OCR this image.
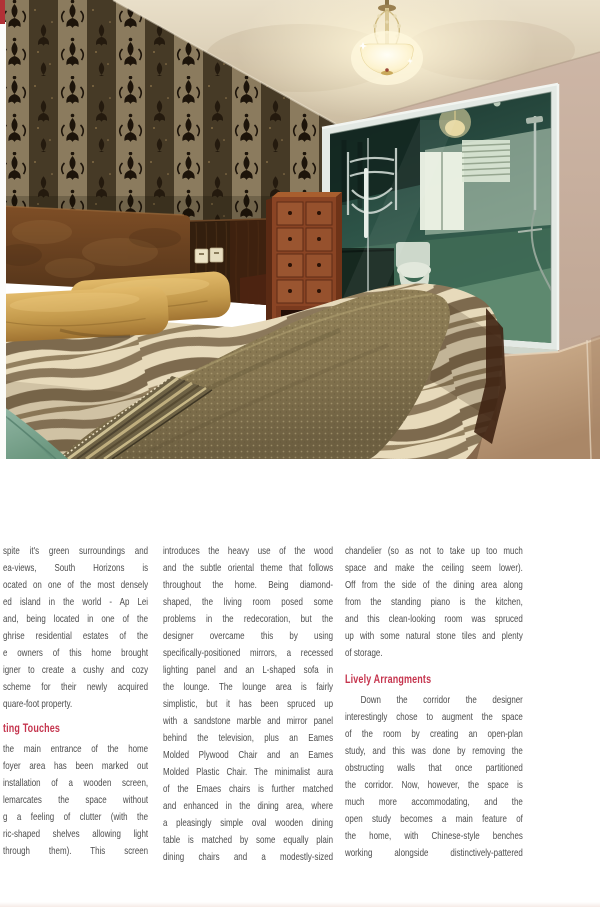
spite it's green surroundings and
ea-views, South Horizons is
ocated on one of the most densely
ed island in the world - Ap Lei
and, being located in one of the
ghrise residential estates of the
e owners of this home brought
igner to create a cushy and cozy
scheme for their newly acquired
quare-foot property.
ting Touches
the main entrance of the home
foyer area has been marked out
installation of a wooden screen,
lemarcates the space without
g a feeling of clutter (with the
ric-shaped shelves allowing light
through them). This screen
introduces the heavy use of the wood
and the subtle oriental theme that follows
throughout the home. Being diamond-
shaped, the living room posed some
problems in the redecoration, but the
designer overcame this by using
specifically-positioned mirrors, a recessed
lighting panel and an L-shaped sofa in
the lounge. The lounge area is fairly
simplistic, but it has been spruced up
with a sandstone marble and mirror panel
behind the television, plus an Eames
Molded Plywood Chair and an Eames
Molded Plastic Chair. The minimalist aura
of the Emaes chairs is further matched
and enhanced in the dining area, where
a pleasingly simple oval wooden dining
table is matched by some equally plain
dining chairs and a modestly-sized
chandelier (so as not to take up too much
space and make the ceiling seem lower).
Off from the side of the dining area along
from the standing piano is the kitchen,
and this clean-looking room was spruced
up with some natural stone tiles and plenty
of storage.
Lively Arrangments
Down the corridor the designer
interestingly chose to augment the space
of the room by creating an open-plan
study, and this was done by removing the
obstructing walls that once partitioned
the corridor. Now, however, the space is
much more accommodating, and the
open study becomes a main feature of
the home, with Chinese-style benches
working alongside distinctively-pattered
